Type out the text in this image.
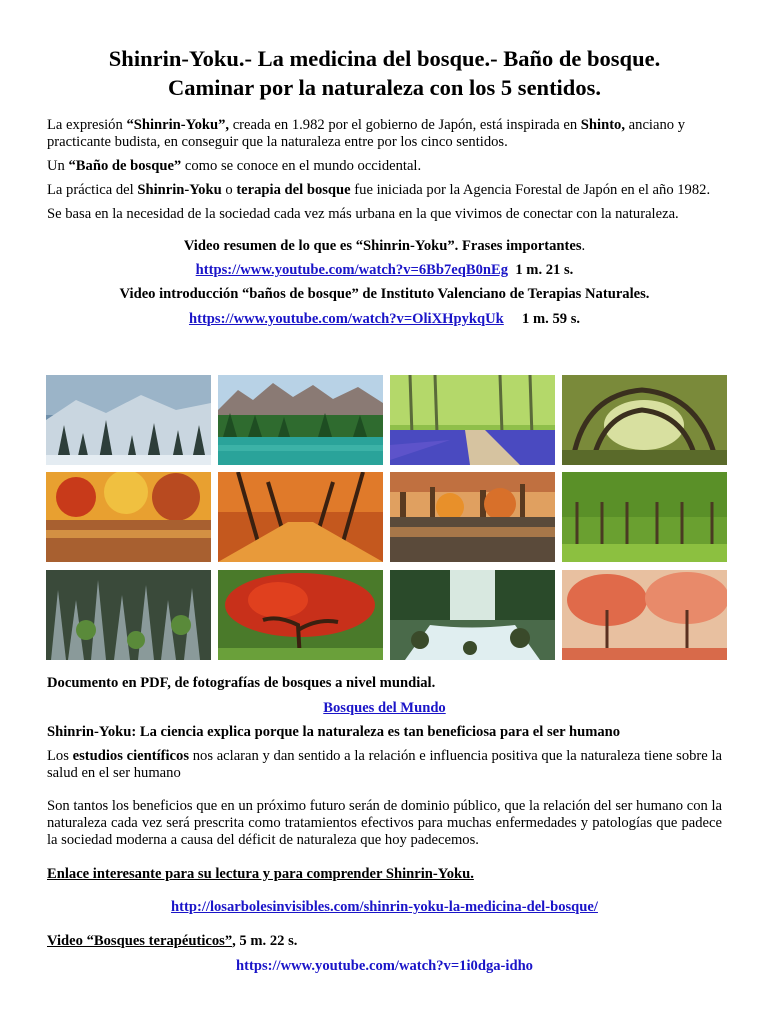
Shinrin-Yoku.- La medicina del bosque.- Baño de bosque.
Caminar por la naturaleza con los 5 sentidos.

La expresión “Shinrin-Yoku”, creada en 1.982 por el gobierno de Japón, está inspirada en Shinto, anciano y practicante budista, en conseguir que la naturaleza entre por los cinco sentidos.

Un “Baño de bosque” como se conoce en el mundo occidental.

La práctica del Shinrin-Yoku o terapia del bosque fue iniciada por la Agencia Forestal de Japón en el año 1982.

Se basa en la necesidad de la sociedad cada vez más urbana en la que vivimos de conectar con la naturaleza.

Video resumen de lo que es “Shinrin-Yoku”. Frases importantes.

https://www.youtube.com/watch?v=6Bb7eqB0nEg 1 m. 21 s.

Video introducción “baños de bosque” de Instituto Valenciano de Terapias Naturales.

https://www.youtube.com/watch?v=OliXHpykqUk 1 m. 59 s.

Documento en PDF, de fotografías de bosques a nivel mundial.

Bosques del Mundo

Shinrin-Yoku: La ciencia explica porque la naturaleza es tan beneficiosa para el ser humano

Los estudios científicos nos aclaran y dan sentido a la relación e influencia positiva que la naturaleza tiene sobre la salud en el ser humano

Son tantos los beneficios que en un próximo futuro serán de dominio público, que la relación del ser humano con la naturaleza cada vez será prescrita como tratamientos efectivos para muchas enfermedades y patologías que padece la sociedad moderna a causa del déficit de naturaleza que hoy padecemos.

Enlace interesante para su lectura y para comprender Shinrin-Yoku.

http://losarbolesinvisibles.com/shinrin-yoku-la-medicina-del-bosque/

Video “Bosques terapéuticos”, 5 m. 22 s.

https://www.youtube.com/watch?v=1i0dga-idho
